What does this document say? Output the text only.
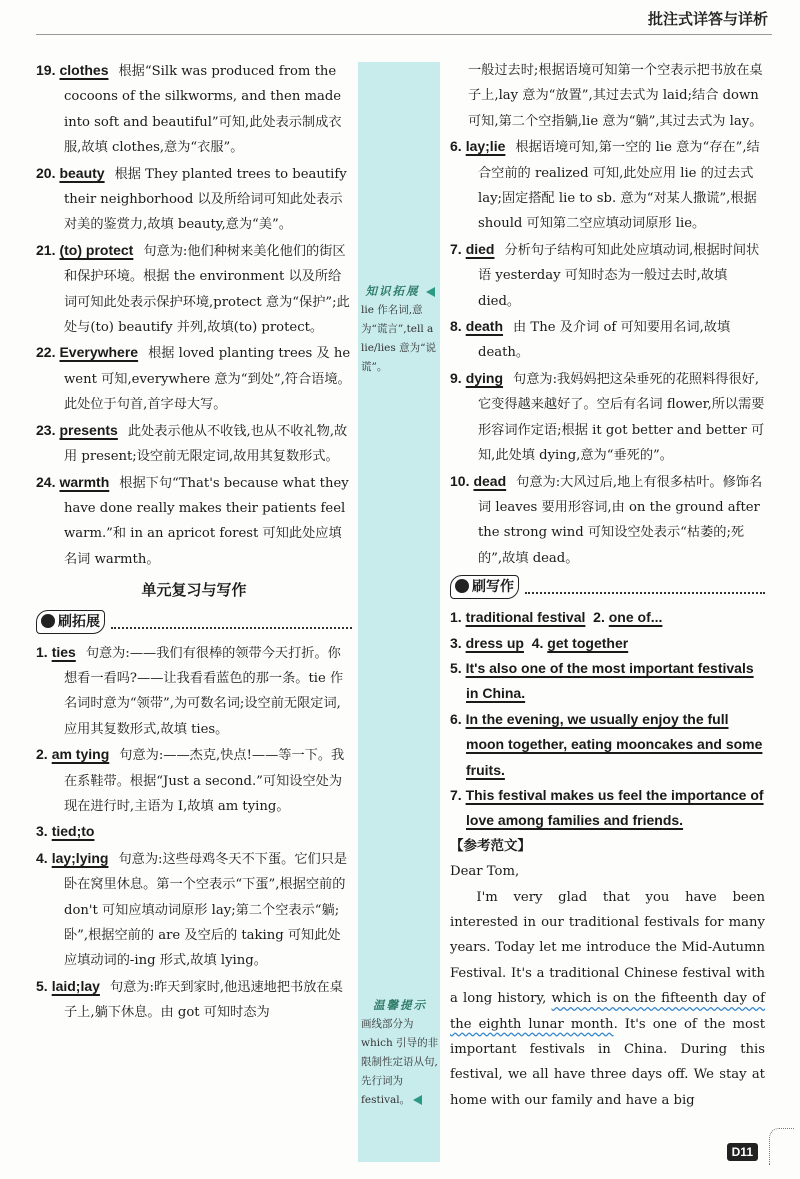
批注式详答与详析
19. clothes 根据“Silk was produced from the cocoons of the silkworms, and then made into soft and beautiful”可知,此处表示制成衣服,故填 clothes,意为“衣服”。
20. beauty 根据 They planted trees to beautify their neighborhood 以及所给词可知此处表示对美的鉴赏力,故填 beauty,意为“美”。
21. (to) protect 句意为:他们种树来美化他们的街区和保护环境。根据 the environment 以及所给词可知此处表示保护环境,protect 意为“保护”;此处与(to) beautify 并列,故填(to) protect。
22. Everywhere 根据 loved planting trees 及 he went 可知,everywhere 意为“到处”,符合语境。此处位于句首,首字母大写。
23. presents 此处表示他从不收钱,也从不收礼物,故用 present;设空前无限定词,故用其复数形式。
24. warmth 根据下句“That's because what they have done really makes their patients feel warm.”和 in an apricot forest 可知此处应填名词 warmth。
单元复习与写作
刷拓展
1. ties 句意为:——我们有很棒的领带今天打折。你想看一看吗?——让我看看蓝色的那一条。tie 作名词时意为“领带”,为可数名词;设空前无限定词,应用其复数形式,故填 ties。
2. am tying 句意为:——杰克,快点!——等一下。我在系鞋带。根据“Just a second.”可知设空处为现在进行时,主语为 I,故填 am tying。
3. tied;to
4. lay;lying 句意为:这些母鸡冬天不下蛋。它们只是卧在窝里休息。第一个空表示“下蛋”,根据空前的 don't 可知应填动词原形 lay;第二个空表示“躺;卧”,根据空前的 are 及空后的 taking 可知此处应填动词的-ing 形式,故填 lying。
5. laid;lay 句意为:昨天到家时,他迅速地把书放在桌子上,躺下休息。由 got 可知时态为
知识拓展
lie 作名词,意为“谎言”,tell a lie/lies 意为“说谎”。
温馨提示
画线部分为 which 引导的非限制性定语从句,先行词为 festival。
一般过去时;根据语境可知第一个空表示把书放在桌子上,lay 意为“放置”,其过去式为 laid;结合 down 可知,第二个空指躺,lie 意为“躺”,其过去式为 lay。
6. lay;lie 根据语境可知,第一空的 lie 意为“存在”,结合空前的 realized 可知,此处应用 lie 的过去式 lay;固定搭配 lie to sb. 意为“对某人撒谎”,根据 should 可知第二空应填动词原形 lie。
7. died 分析句子结构可知此处应填动词,根据时间状语 yesterday 可知时态为一般过去时,故填 died。
8. death 由 The 及介词 of 可知要用名词,故填 death。
9. dying 句意为:我妈妈把这朵垂死的花照料得很好,它变得越来越好了。空后有名词 flower,所以需要形容词作定语;根据 it got better and better 可知,此处填 dying,意为“垂死的”。
10. dead 句意为:大风过后,地上有很多枯叶。修饰名词 leaves 要用形容词,由 on the ground after the strong wind 可知设空处表示“枯萎的;死的”,故填 dead。
刷写作
1. traditional festival 2. one of...
3. dress up 4. get together
5. It's also one of the most important festivals in China.
6. In the evening, we usually enjoy the full moon together, eating mooncakes and some fruits.
7. This festival makes us feel the importance of love among families and friends.
【参考范文】
Dear Tom,
I'm very glad that you have been interested in our traditional festivals for many years. Today let me introduce the Mid-Autumn Festival. It's a traditional Chinese festival with a long history, which is on the fifteenth day of the eighth lunar month. It's one of the most important festivals in China. During this festival, we all have three days off. We stay at home with our family and have a big
D11
